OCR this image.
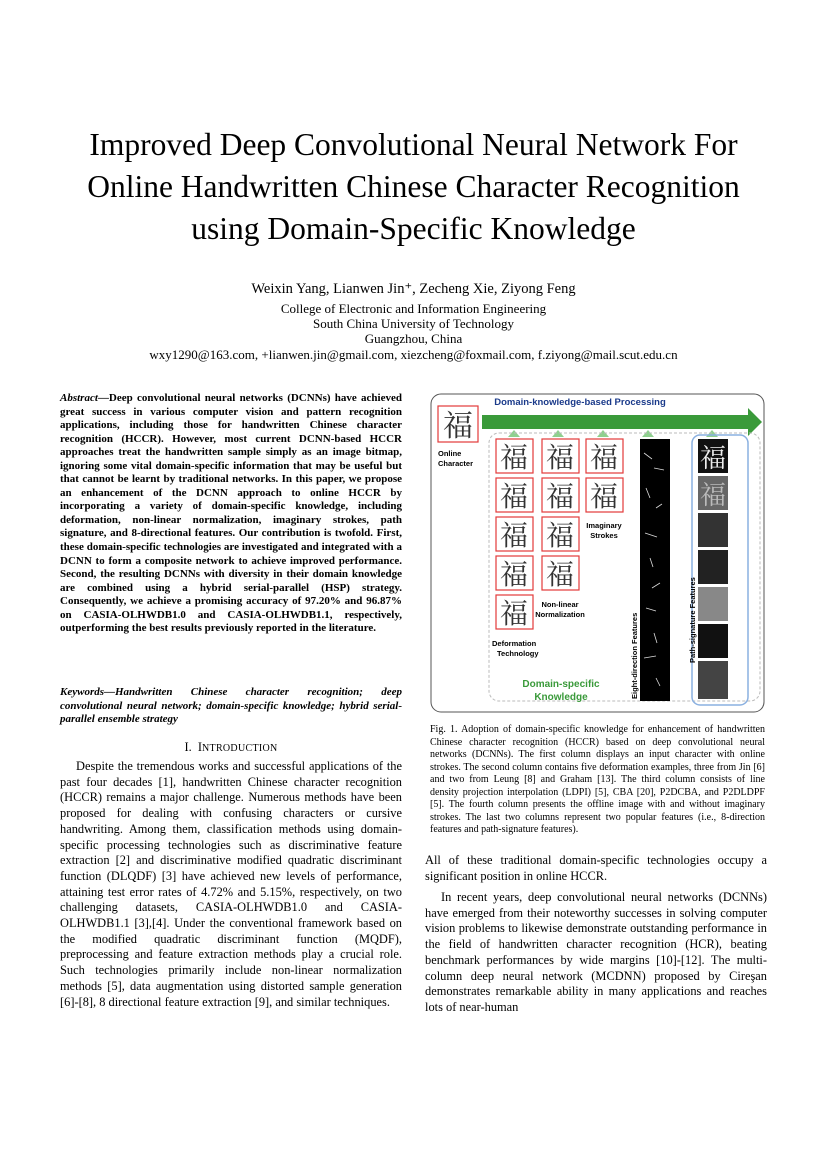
Improved Deep Convolutional Neural Network For
Online Handwritten Chinese Character Recognition
using Domain-Specific Knowledge
Weixin Yang, Lianwen Jin⁺, Zecheng Xie, Ziyong Feng
College of Electronic and Information Engineering
South China University of Technology
Guangzhou, China
wxy1290@163.com, +lianwen.jin@gmail.com, xiezcheng@foxmail.com, f.ziyong@mail.scut.edu.cn

Abstract—Deep convolutional neural networks (DCNNs) have achieved great success in various computer vision and pattern recognition applications, including those for handwritten Chinese character recognition (HCCR). However, most current DCNN-based HCCR approaches treat the handwritten sample simply as an image bitmap, ignoring some vital domain-specific information that may be useful but that cannot be learnt by traditional networks. In this paper, we propose an enhancement of the DCNN approach to online HCCR by incorporating a variety of domain-specific knowledge, including deformation, non-linear normalization, imaginary strokes, path signature, and 8-directional features. Our contribution is twofold. First, these domain-specific technologies are investigated and integrated with a DCNN to form a composite network to achieve improved performance. Second, the resulting DCNNs with diversity in their domain knowledge are combined using a hybrid serial-parallel (HSP) strategy. Consequently, we achieve a promising accuracy of 97.20% and 96.87% on CASIA-OLHWDB1.0 and CASIA-OLHWDB1.1, respectively, outperforming the best results previously reported in the literature.

Keywords—Handwritten Chinese character recognition; deep convolutional neural network; domain-specific knowledge; hybrid serial-parallel ensemble strategy

I. INTRODUCTION

Despite the tremendous works and successful applications of the past four decades [1], handwritten Chinese character recognition (HCCR) remains a major challenge. Numerous methods have been proposed for dealing with confusing characters or cursive handwriting. Among them, classification methods using domain-specific processing technologies such as discriminative feature extraction [2] and discriminative modified quadratic discriminant function (DLQDF) [3] have achieved new levels of performance, attaining test error rates of 4.72% and 5.15%, respectively, on two challenging datasets, CASIA-OLHWDB1.0 and CASIA-OLHWDB1.1 [3],[4]. Under the conventional framework based on the modified quadratic discriminant function (MQDF), preprocessing and feature extraction methods play a crucial role. Such technologies primarily include non-linear normalization methods [5], data augmentation using distorted sample generation [6]-[8], 8 directional feature extraction [9], and similar techniques.

Domain-knowledge-based Processing
福
Online
Character 福
福
福
福
福
Deformation
Technology
福
福
福
福
Non-linear
Normalization
福
福
Imaginary
Strokes
Domain-specific
Knowledge	Eight-direction Features
福
福
Path-signature Features
Fig. 1. Adoption of domain-specific knowledge for enhancement of handwritten Chinese character recognition (HCCR) based on deep convolutional neural networks (DCNNs). The first column displays an input character with online strokes. The second column contains five deformation examples, three from Jin [6] and two from Leung [8] and Graham [13]. The third column consists of line density projection interpolation (LDPI) [5], CBA [20], P2DCBA, and P2DLDPF [5]. The fourth column presents the offline image with and without imaginary strokes. The last two columns represent two popular features (i.e., 8-direction features and path-signature features).

All of these traditional domain-specific technologies occupy a significant position in online HCCR.

In recent years, deep convolutional neural networks (DCNNs) have emerged from their noteworthy successes in solving computer vision problems to likewise demonstrate outstanding performance in the field of handwritten character recognition (HCR), beating benchmark performances by wide margins [10]-[12]. The multi-column deep neural network (MCDNN) proposed by Cireşan demonstrates remarkable ability in many applications and reaches lots of near-human
